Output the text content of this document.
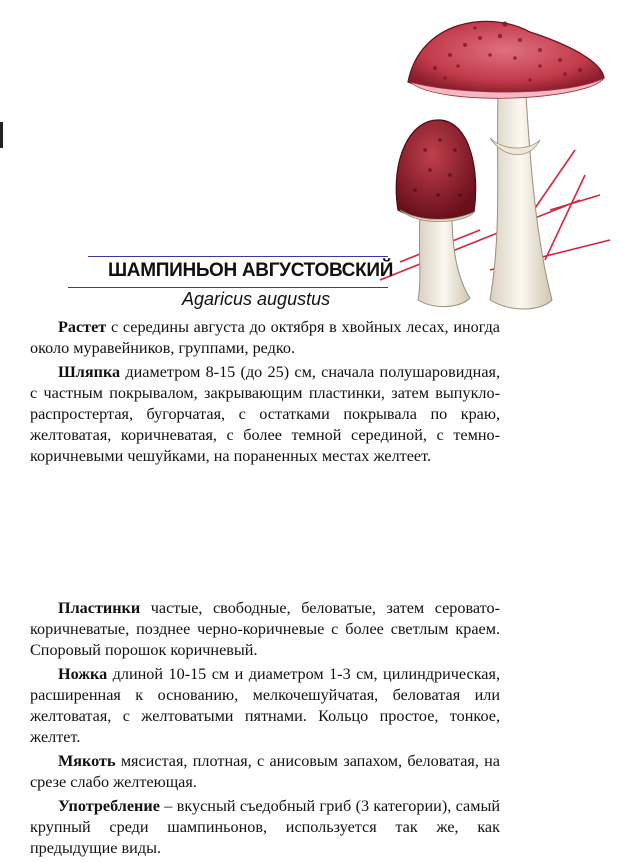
ШАМПИНЬОН АВГУСТОВСКИЙ
Agaricus augustus

Растет с середины августа до октября в хвойных лесах, иногда около муравейников, группами, редко.

Шляпка диаметром 8-15 (до 25) см, сначала полушаровидная, с частным покрывалом, закрывающим пластинки, затем выпукло-распростертая, бугорчатая, с остатками покрывала по краю, желтоватая, коричневатая, с более темной серединой, с темно-коричневыми чешуйками, на пораненных местах желтеет.

Пластинки частые, свободные, беловатые, затем серовато-коричневатые, позднее черно-коричневые с более светлым краем. Споровый порошок коричневый.

Ножка длиной 10-15 см и диаметром 1-3 см, цилиндрическая, расширенная к основанию, мелкочешуйчатая, беловатая или желтоватая, с желтоватыми пятнами. Кольцо простое, тонкое, желтет.

Мякоть мясистая, плотная, с анисовым запахом, беловатая, на срезе слабо желтеющая.

Употребление – вкусный съедобный гриб (3 категории), самый крупный среди шампиньонов, используется так же, как предыдущие виды.
